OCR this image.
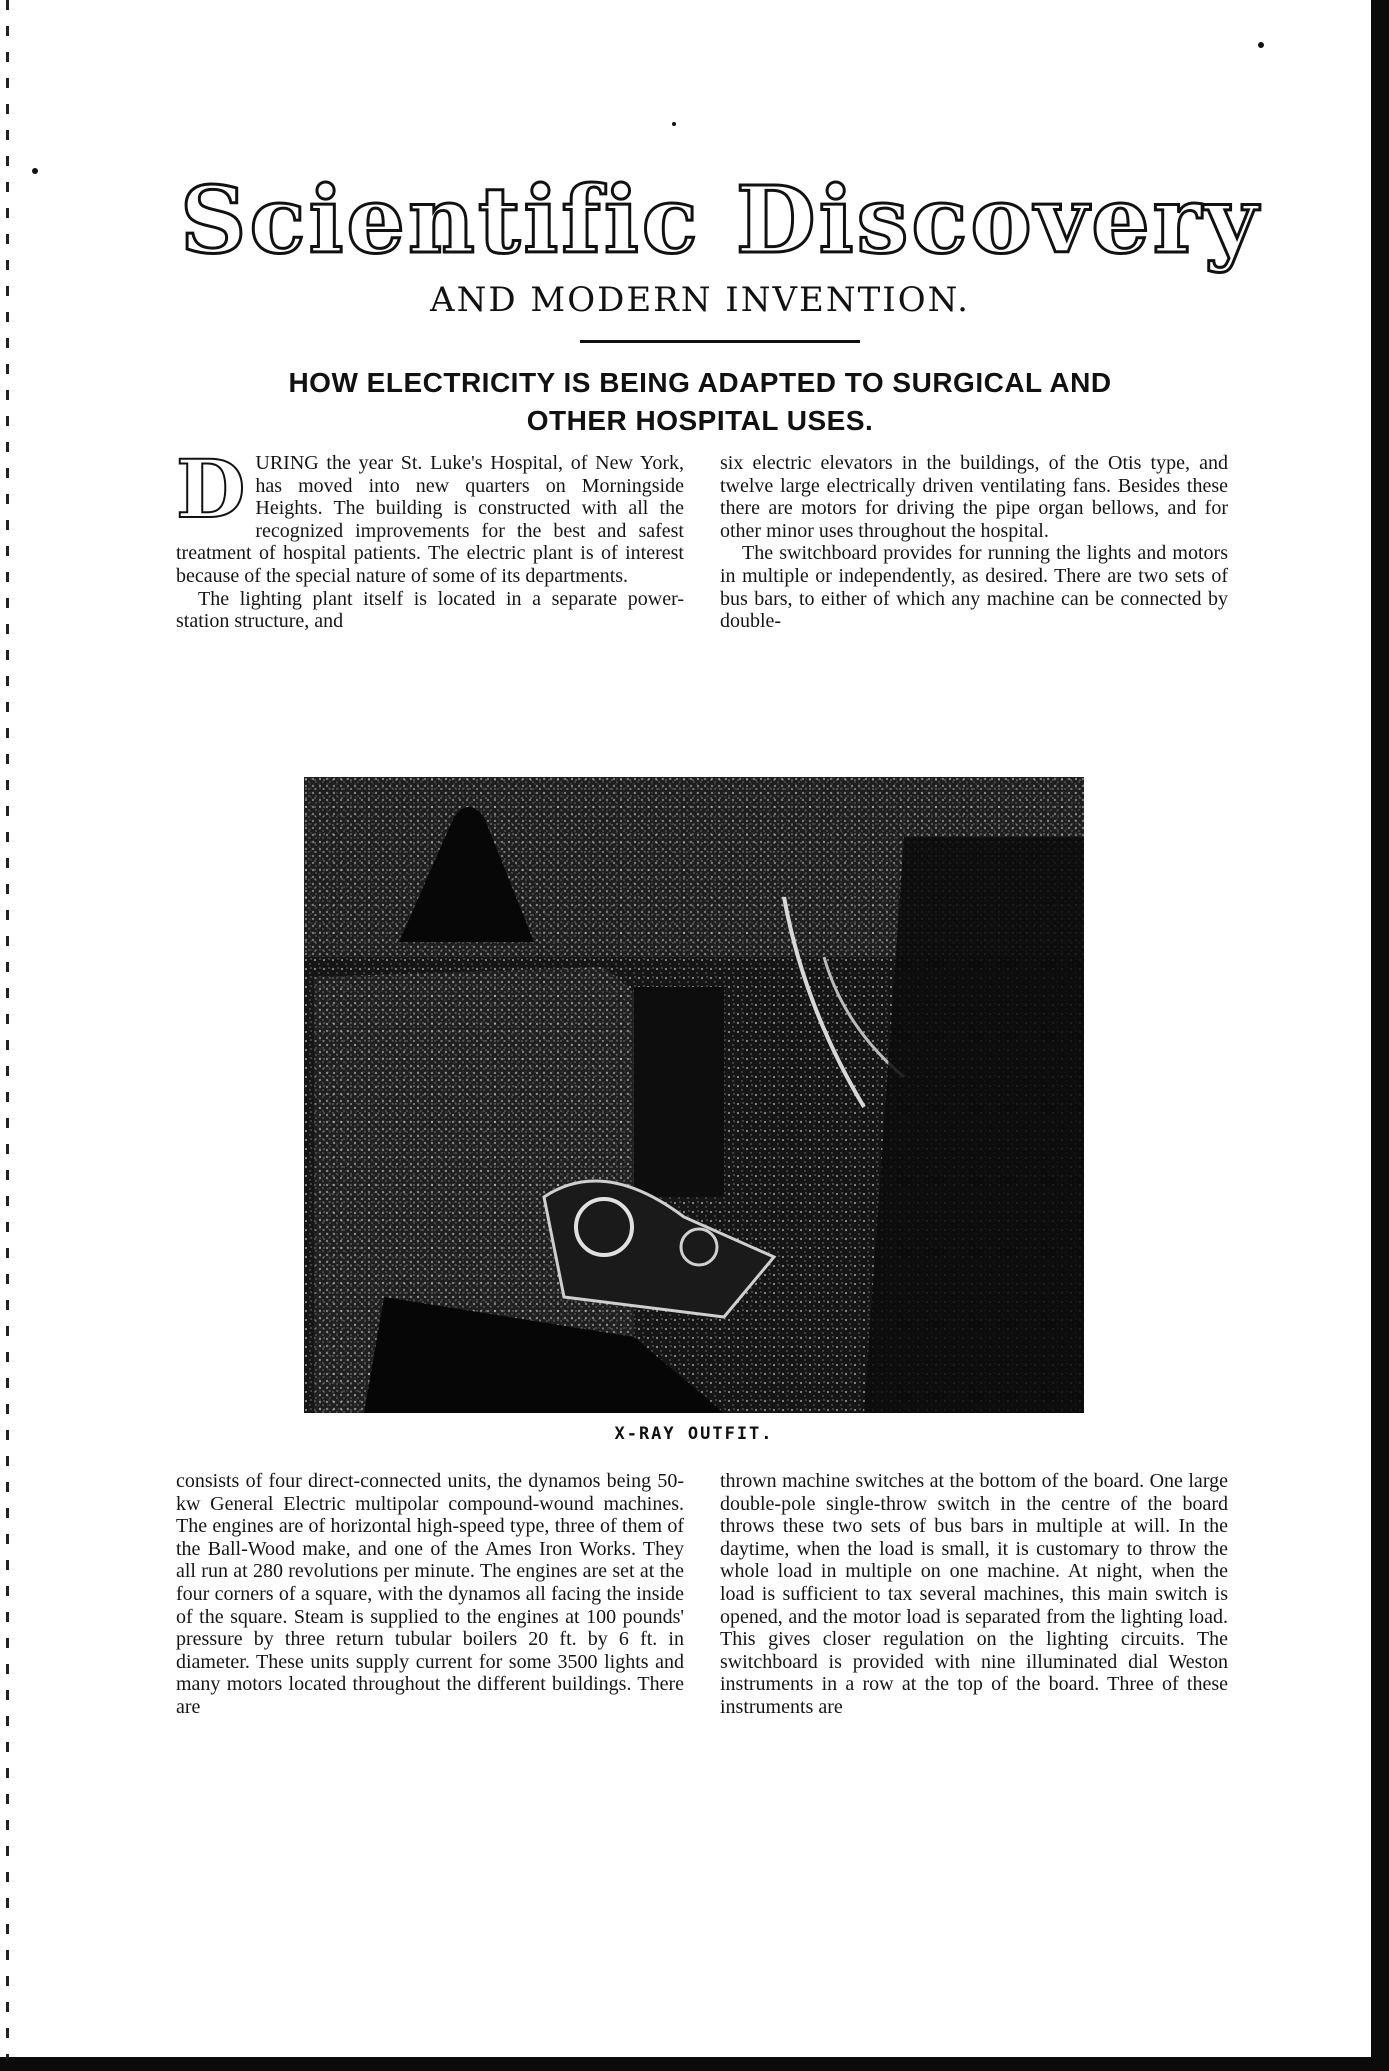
Scientific Discovery
AND MODERN INVENTION.
HOW ELECTRICITY IS BEING ADAPTED TO SURGICAL AND
OTHER HOSPITAL USES.
D URING the year St. Luke's Hospital, of New York, has moved into new quarters on Morningside Heights. The building is constructed with all the recognized improvements for the best and safest treatment of hospital patients. The electric plant is of interest because of the special nature of some of its departments.

The lighting plant itself is located in a separate power-station structure, and

six electric elevators in the buildings, of the Otis type, and twelve large electrically driven ventilating fans. Besides these there are motors for driving the pipe organ bellows, and for other minor uses throughout the hospital.

The switchboard provides for running the lights and motors in multiple or independently, as desired. There are two sets of bus bars, to either of which any machine can be connected by double-

X-RAY OUTFIT.

consists of four direct-connected units, the dynamos being 50-kw General Electric multipolar compound-wound machines. The engines are of horizontal high-speed type, three of them of the Ball-Wood make, and one of the Ames Iron Works. They all run at 280 revolutions per minute. The engines are set at the four corners of a square, with the dynamos all facing the inside of the square. Steam is supplied to the engines at 100 pounds' pressure by three return tubular boilers 20 ft. by 6 ft. in diameter. These units supply current for some 3500 lights and many motors located throughout the different buildings. There are

thrown machine switches at the bottom of the board. One large double-pole single-throw switch in the centre of the board throws these two sets of bus bars in multiple at will. In the daytime, when the load is small, it is customary to throw the whole load in multiple on one machine. At night, when the load is sufficient to tax several machines, this main switch is opened, and the motor load is separated from the lighting load. This gives closer regulation on the lighting circuits. The switchboard is provided with nine illuminated dial Weston instruments in a row at the top of the board. Three of these instruments are
